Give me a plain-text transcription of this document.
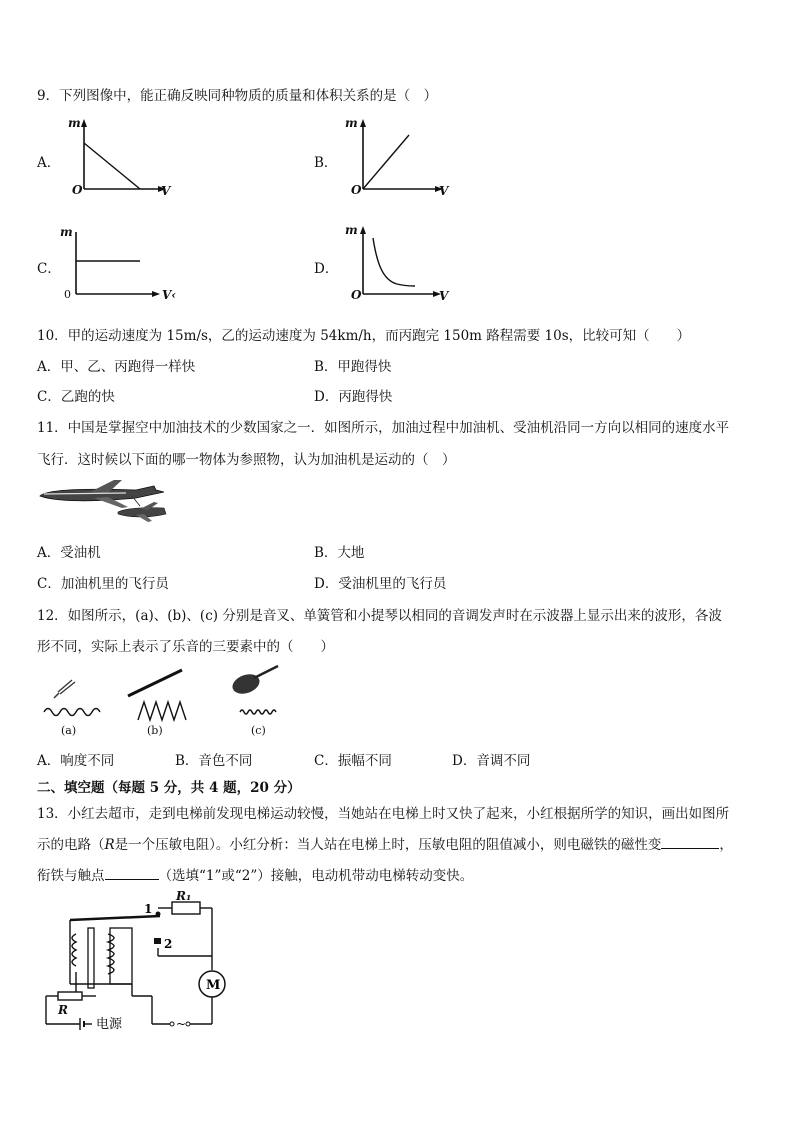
9．下列图像中，能正确反映同种物质的质量和体积关系的是（　）
A．
m
O	V
B．
m
O	V
C．
m
0	V‹
D．
m
O	V
10．甲的运动速度为 15m/s，乙的运动速度为 54km/h，而丙跑完 150m 路程需要 10s，比较可知（　　）
A．甲、乙、丙跑得一样快	B．甲跑得快
C．乙跑的快	D．丙跑得快
11．中国是掌握空中加油技术的少数国家之一．如图所示，加油过程中加油机、受油机沿同一方向以相同的速度水平
飞行．这时候以下面的哪一物体为参照物，认为加油机是运动的（　）
A．受油机	B．大地
C．加油机里的飞行员	D．受油机里的飞行员
12．如图所示，(a)、(b)、(c) 分别是音叉、单簧管和小提琴以相同的音调发声时在示波器上显示出来的波形，各波
形不同，实际上表示了乐音的三要素中的（　　）
(a)	(b)	(c)
A．响度不同	B．音色不同	C．振幅不同	D．音调不同
二、填空题（每题 5 分，共 4 题，20 分）
13．小红去超市，走到电梯前发现电梯运动较慢，当她站在电梯上时又快了起来，小红根据所学的知识，画出如图所
示的电路（R是一个压敏电阻）。小红分析：当人站在电梯上时，压敏电阻的阻值减小，则电磁铁的磁性变	，
衔铁与触点	（选填“1”或“2”）接触，电动机带动电梯转动变快。
M
~
R
电源
1
2
R₁
